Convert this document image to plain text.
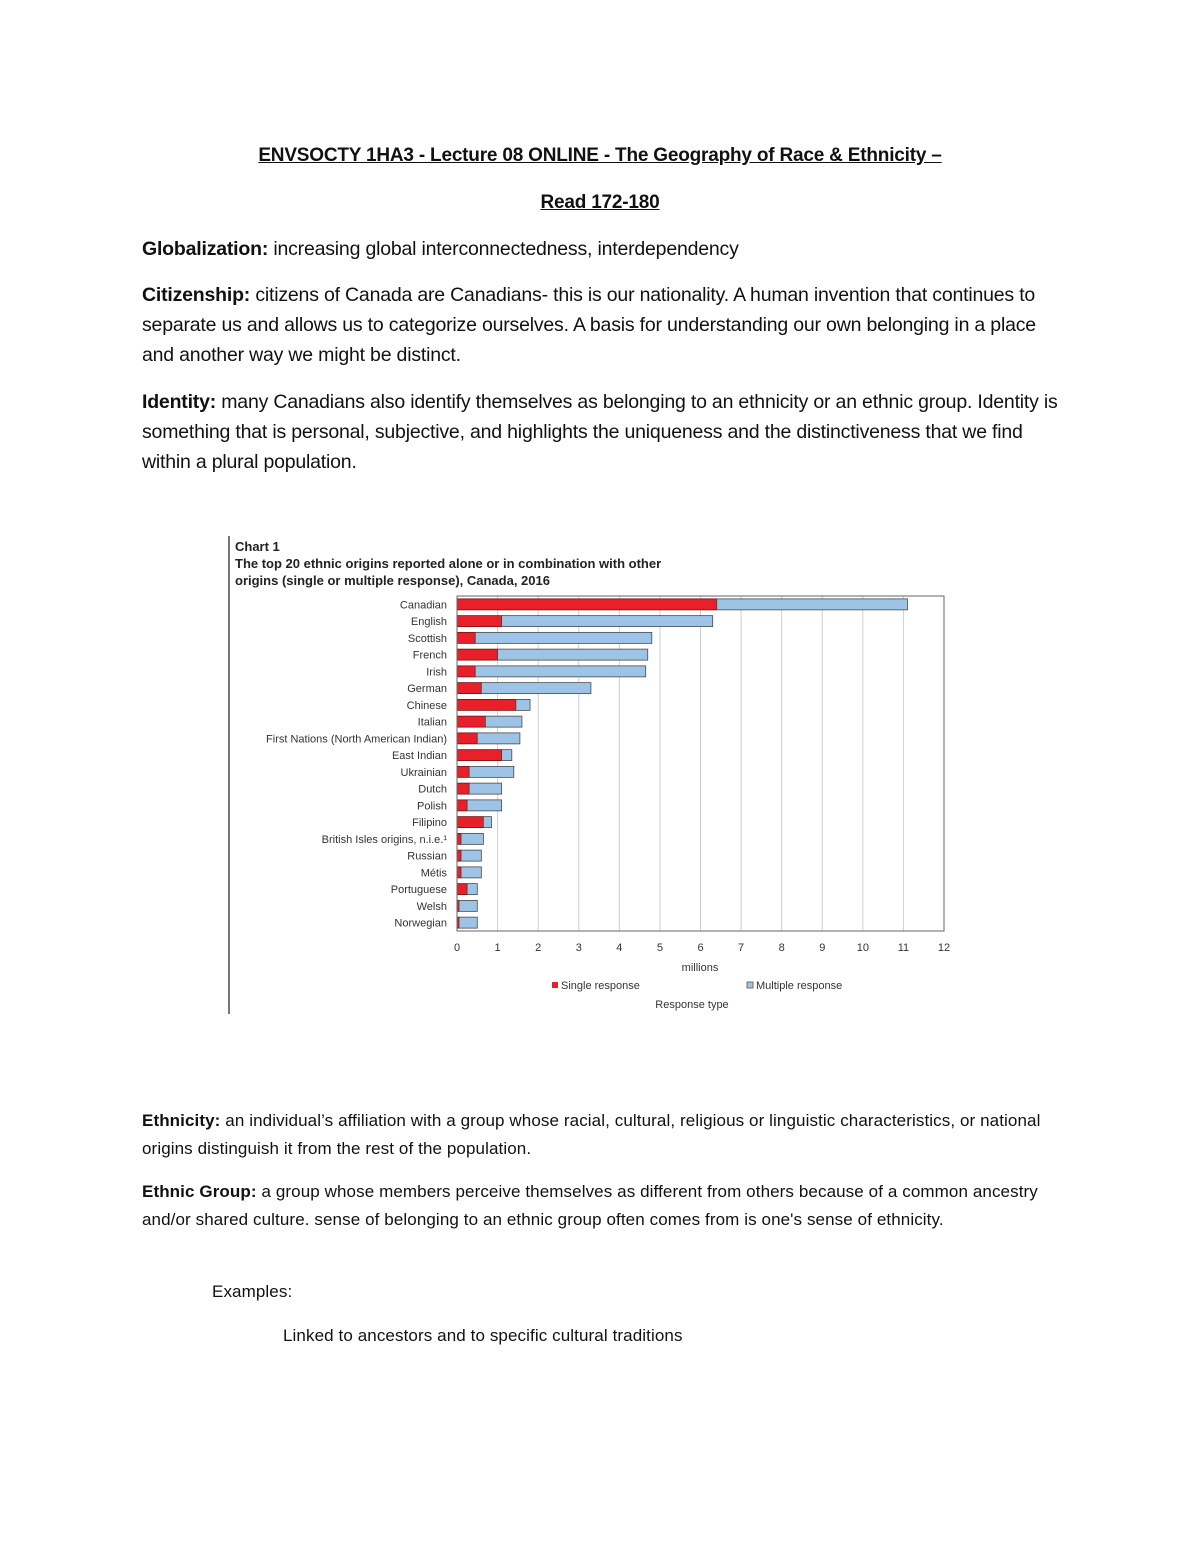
ENVSOCTY 1HA3 - Lecture 08 ONLINE - The Geography of Race & Ethnicity –
Read 172-180
Globalization: increasing global interconnectedness, interdependency
Citizenship: citizens of Canada are Canadians- this is our nationality. A human invention that continues to separate us and allows us to categorize ourselves. A basis for understanding our own belonging in a place and another way we might be distinct.
Identity: many Canadians also identify themselves as belonging to an ethnicity or an ethnic group. Identity is something that is personal, subjective, and highlights the uniqueness and the distinctiveness that we find within a plural population.
Chart 1
The top 20 ethnic origins reported alone or in combination with other
origins (single or multiple response), Canada, 2016
0	1	2	3	4	5	6	7	8	9	10	11	12
Canadian
English
Scottish
French
Irish
German
Chinese
Italian
First Nations (North American Indian)
East Indian
Ukrainian
Dutch
Polish
Filipino
British Isles origins, n.i.e.¹
Russian
Métis
Portuguese
Welsh
Norwegian
millions
Single response	Multiple response
Response type
Ethnicity: an individual’s affiliation with a group whose racial, cultural, religious or linguistic characteristics, or national origins distinguish it from the rest of the population.
Ethnic Group: a group whose members perceive themselves as different from others because of a common ancestry and/or shared culture. sense of belonging to an ethnic group often comes from is one's sense of ethnicity.
Examples:
Linked to ancestors and to specific cultural traditions
